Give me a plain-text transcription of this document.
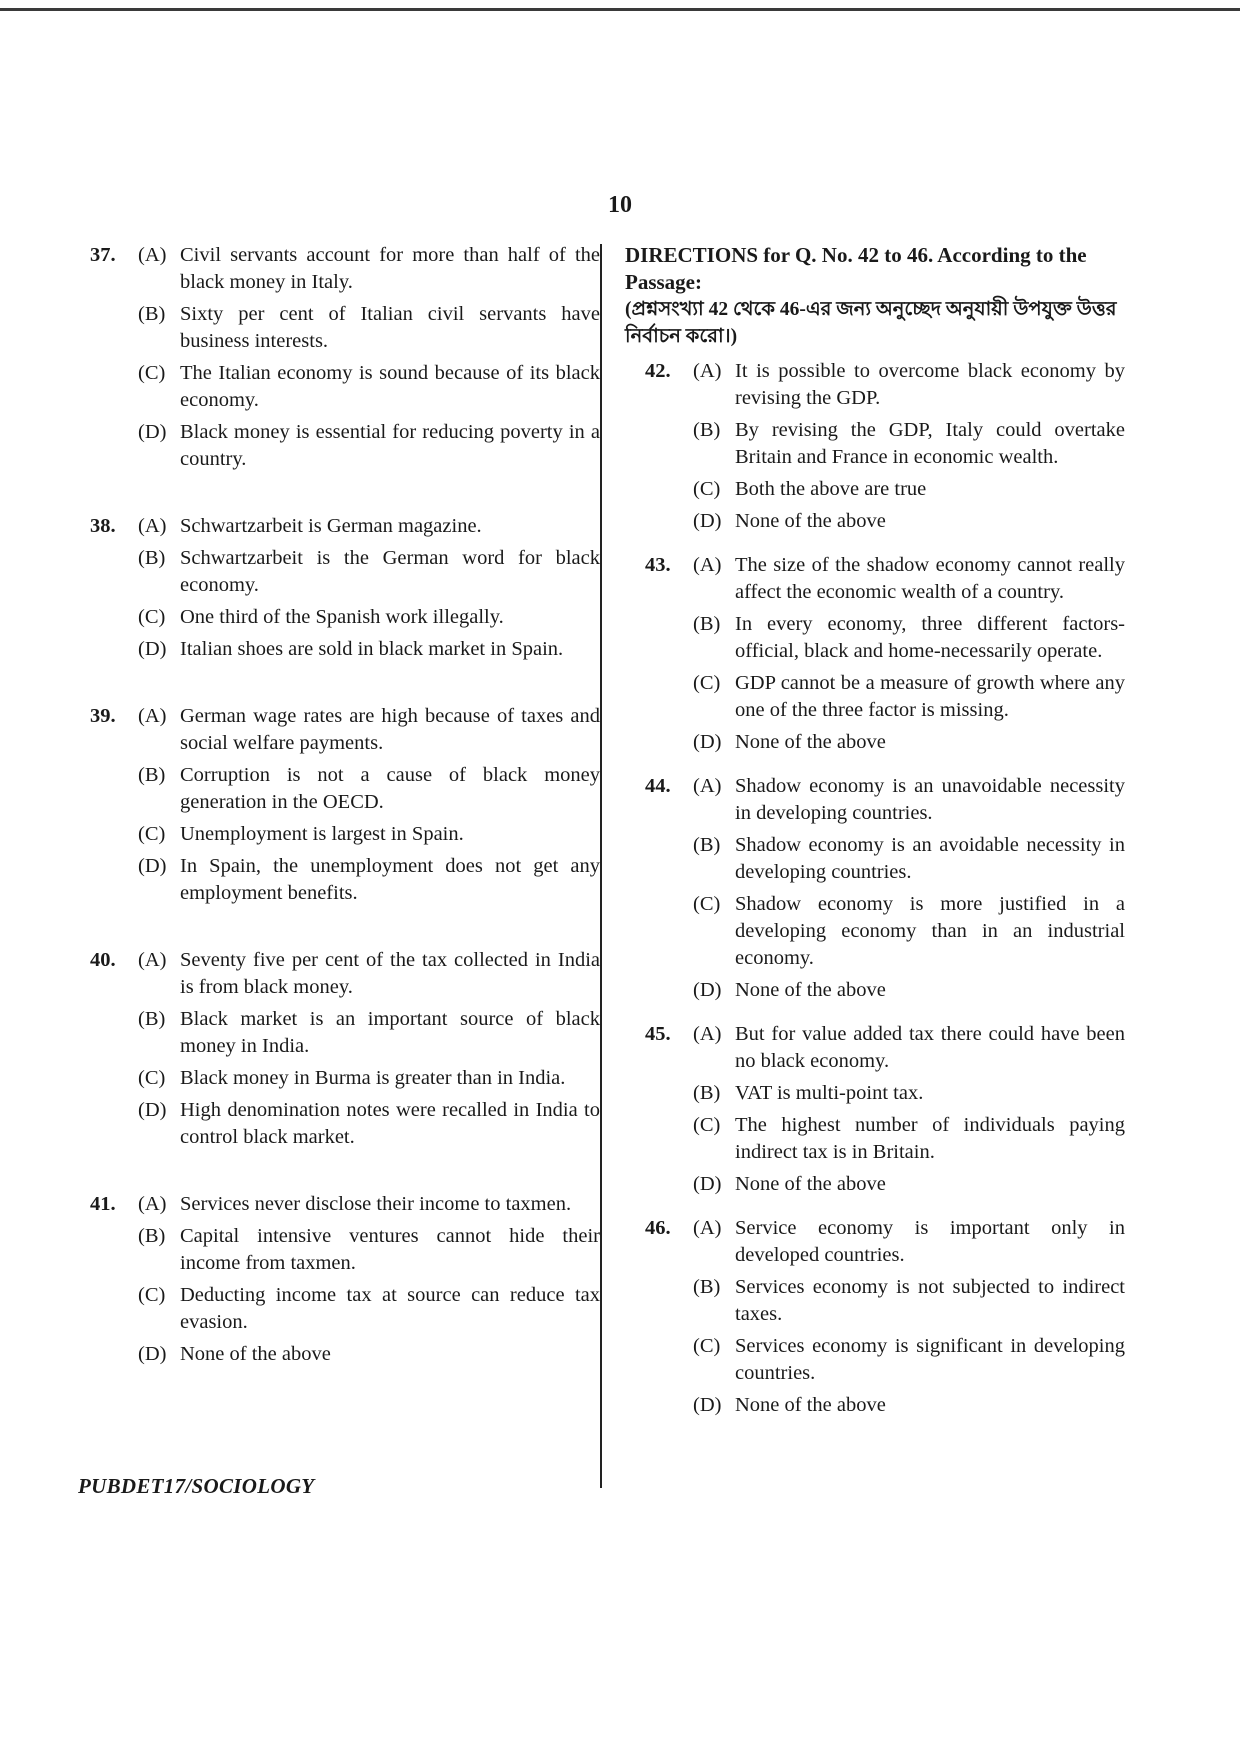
10
37.	(A) Civil servants account for more than half of the black money in Italy.
(B) Sixty per cent of Italian civil servants have business interests.
(C) The Italian economy is sound because of its black economy.
(D) Black money is essential for reducing poverty in a country.
38.	(A) Schwartzarbeit is German magazine.
(B) Schwartzarbeit is the German word for black economy.
(C) One third of the Spanish work illegally.
(D) Italian shoes are sold in black market in Spain.
39.	(A) German wage rates are high because of taxes and social welfare payments.
(B) Corruption is not a cause of black money generation in the OECD.
(C) Unemployment is largest in Spain.
(D) In Spain, the unemployment does not get any employment benefits.
40.	(A) Seventy five per cent of the tax collected in India is from black money.
(B) Black market is an important source of black money in India.
(C) Black money in Burma is greater than in India.
(D) High denomination notes were recalled in India to control black market.
41.	(A) Services never disclose their income to taxmen.
(B) Capital intensive ventures cannot hide their income from taxmen.
(C) Deducting income tax at source can reduce tax evasion.
(D) None of the above
DIRECTIONS for Q. No. 42 to 46. According to the Passage:
(প্রশ্নসংখ্যা 42 থেকে 46-এর জন্য অনুচ্ছেদ অনুযায়ী উপযুক্ত উত্তর নির্বাচন করো।)
42.	(A) It is possible to overcome black economy by revising the GDP.
(B) By revising the GDP, Italy could overtake Britain and France in economic wealth.
(C) Both the above are true
(D) None of the above
43.	(A) The size of the shadow economy cannot really affect the economic wealth of a country.
(B) In every economy, three different factors-official, black and home-necessarily operate.
(C) GDP cannot be a measure of growth where any one of the three factor is missing.
(D) None of the above
44.	(A) Shadow economy is an unavoidable necessity in developing countries.
(B) Shadow economy is an avoidable necessity in developing countries.
(C) Shadow economy is more justified in a developing economy than in an industrial economy.
(D) None of the above
45.	(A) But for value added tax there could have been no black economy.
(B) VAT is multi-point tax.
(C) The highest number of individuals paying indirect tax is in Britain.
(D) None of the above
46.	(A) Service economy is important only in developed countries.
(B) Services economy is not subjected to indirect taxes.
(C) Services economy is significant in developing countries.
(D) None of the above
PUBDET17/SOCIOLOGY
